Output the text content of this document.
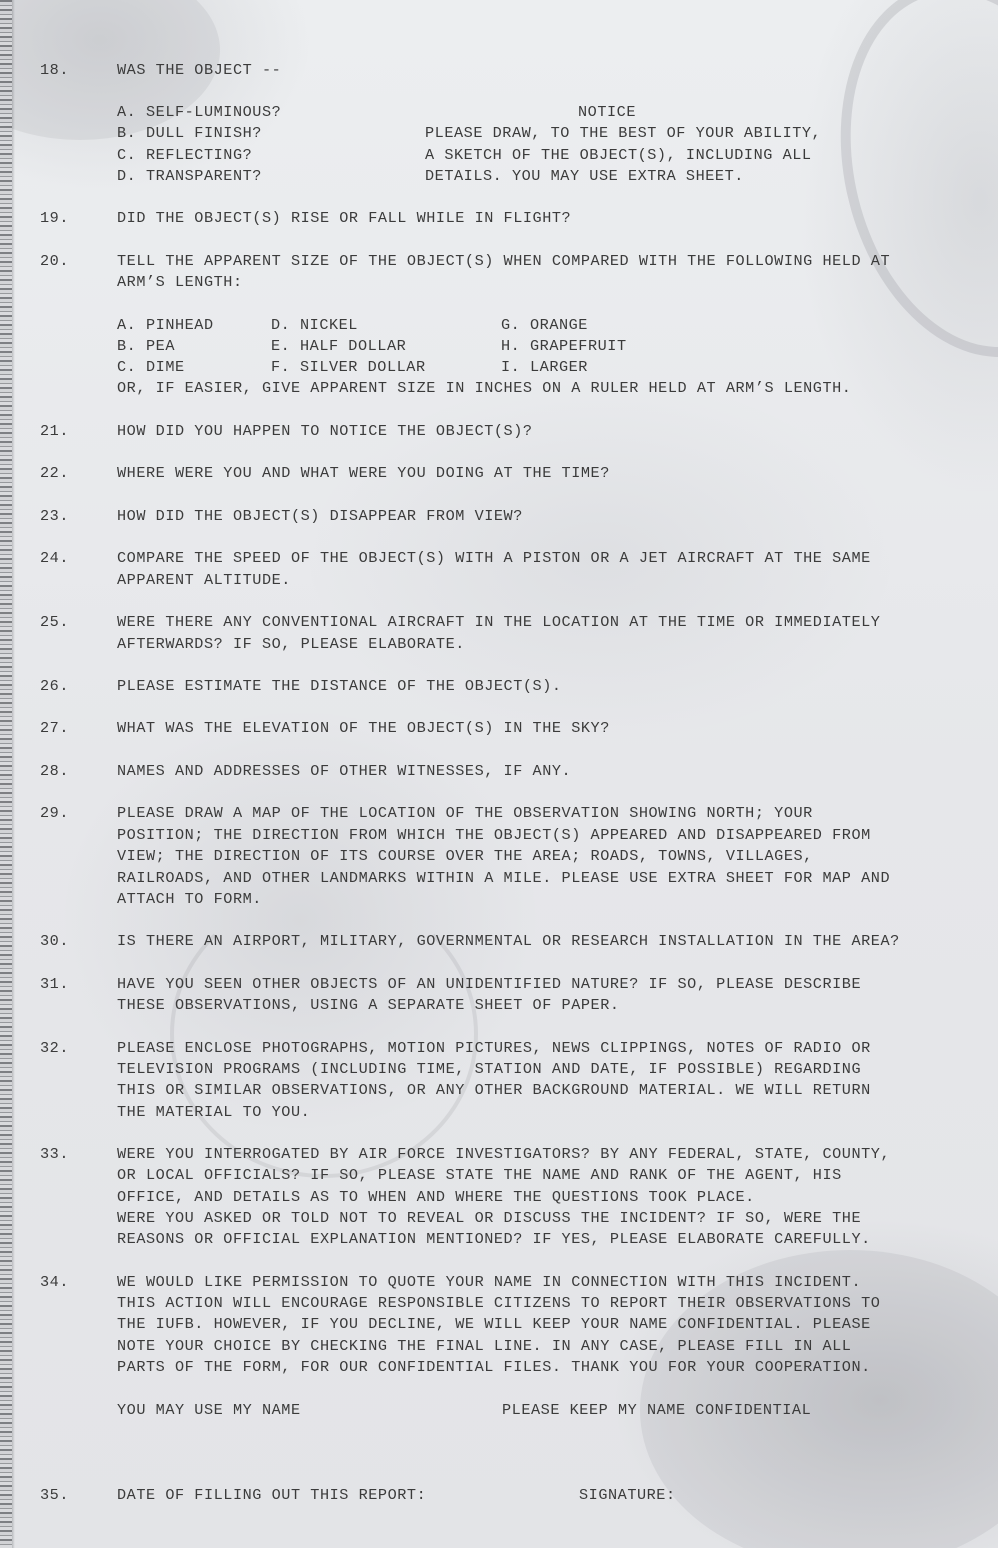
18.	WAS THE OBJECT --

A. SELF-LUMINOUS?

B. DULL FINISH?

C. REFLECTING?

D. TRANSPARENT?

NOTICE

PLEASE DRAW, TO THE BEST OF YOUR ABILITY,

A SKETCH OF THE OBJECT(S), INCLUDING ALL

DETAILS. YOU MAY USE EXTRA SHEET.

19.	DID THE OBJECT(S) RISE OR FALL WHILE IN FLIGHT?

20.	TELL THE APPARENT SIZE OF THE OBJECT(S) WHEN COMPARED WITH THE FOLLOWING HELD AT

ARM’S LENGTH:

A. PINHEAD

B. PEA

C. DIME

D. NICKEL

E. HALF DOLLAR

F. SILVER DOLLAR

G. ORANGE

H. GRAPEFRUIT

I. LARGER

OR, IF EASIER, GIVE APPARENT SIZE IN INCHES ON A RULER HELD AT ARM’S LENGTH.

21.	HOW DID YOU HAPPEN TO NOTICE THE OBJECT(S)?

22.	WHERE WERE YOU AND WHAT WERE YOU DOING AT THE TIME?

23.	HOW DID THE OBJECT(S) DISAPPEAR FROM VIEW?

24.	COMPARE THE SPEED OF THE OBJECT(S) WITH A PISTON OR A JET AIRCRAFT AT THE SAME

APPARENT ALTITUDE.

25.	WERE THERE ANY CONVENTIONAL AIRCRAFT IN THE LOCATION AT THE TIME OR IMMEDIATELY

AFTERWARDS? IF SO, PLEASE ELABORATE.

26.	PLEASE ESTIMATE THE DISTANCE OF THE OBJECT(S).

27.	WHAT WAS THE ELEVATION OF THE OBJECT(S) IN THE SKY?

28.	NAMES AND ADDRESSES OF OTHER WITNESSES, IF ANY.

29.	PLEASE DRAW A MAP OF THE LOCATION OF THE OBSERVATION SHOWING NORTH; YOUR

POSITION; THE DIRECTION FROM WHICH THE OBJECT(S) APPEARED AND DISAPPEARED FROM

VIEW; THE DIRECTION OF ITS COURSE OVER THE AREA; ROADS, TOWNS, VILLAGES,

RAILROADS, AND OTHER LANDMARKS WITHIN A MILE. PLEASE USE EXTRA SHEET FOR MAP AND

ATTACH TO FORM.

30.	IS THERE AN AIRPORT, MILITARY, GOVERNMENTAL OR RESEARCH INSTALLATION IN THE AREA?

31.	HAVE YOU SEEN OTHER OBJECTS OF AN UNIDENTIFIED NATURE? IF SO, PLEASE DESCRIBE

THESE OBSERVATIONS, USING A SEPARATE SHEET OF PAPER.

32.	PLEASE ENCLOSE PHOTOGRAPHS, MOTION PICTURES, NEWS CLIPPINGS, NOTES OF RADIO OR

TELEVISION PROGRAMS (INCLUDING TIME, STATION AND DATE, IF POSSIBLE) REGARDING

THIS OR SIMILAR OBSERVATIONS, OR ANY OTHER BACKGROUND MATERIAL. WE WILL RETURN

THE MATERIAL TO YOU.

33.	WERE YOU INTERROGATED BY AIR FORCE INVESTIGATORS? BY ANY FEDERAL, STATE, COUNTY,

OR LOCAL OFFICIALS? IF SO, PLEASE STATE THE NAME AND RANK OF THE AGENT, HIS

OFFICE, AND DETAILS AS TO WHEN AND WHERE THE QUESTIONS TOOK PLACE.

WERE YOU ASKED OR TOLD NOT TO REVEAL OR DISCUSS THE INCIDENT? IF SO, WERE THE

REASONS OR OFFICIAL EXPLANATION MENTIONED? IF YES, PLEASE ELABORATE CAREFULLY.

34.	WE WOULD LIKE PERMISSION TO QUOTE YOUR NAME IN CONNECTION WITH THIS INCIDENT.

THIS ACTION WILL ENCOURAGE RESPONSIBLE CITIZENS TO REPORT THEIR OBSERVATIONS TO

THE IUFB. HOWEVER, IF YOU DECLINE, WE WILL KEEP YOUR NAME CONFIDENTIAL. PLEASE

NOTE YOUR CHOICE BY CHECKING THE FINAL LINE. IN ANY CASE, PLEASE FILL IN ALL

PARTS OF THE FORM, FOR OUR CONFIDENTIAL FILES. THANK YOU FOR YOUR COOPERATION.

YOU MAY USE MY NAME	PLEASE KEEP MY NAME CONFIDENTIAL

35.	DATE OF FILLING OUT THIS REPORT:	SIGNATURE:
